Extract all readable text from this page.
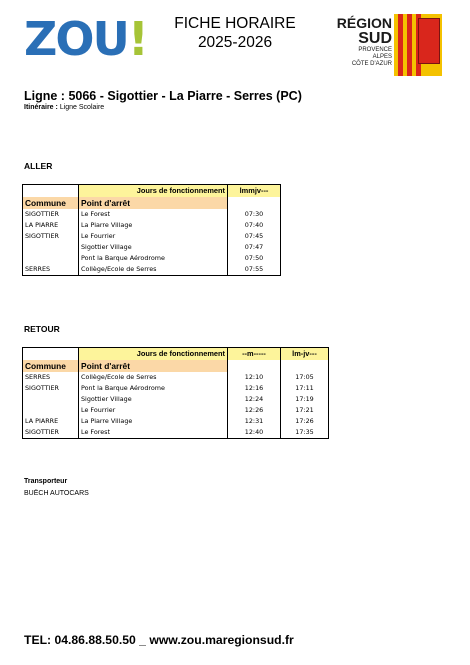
ZOU!	FICHE HORAIRE
2025-2026
RÉGION
SUD
PROVENCE
ALPES
CÔTE D'AZUR
Ligne : 5066 - Sigottier - La Piarre - Serres (PC)
Itinéraire : Ligne Scolaire
ALLER
	Jours de fonctionnement	lmmjv---
Commune	Point d'arrêt	
SIGOTTIER	Le Forest	07:30
LA PIARRE	La Piarre Village	07:40
SIGOTTIER	Le Fourrier	07:45
	Sigottier Village	07:47
	Pont la Barque Aérodrome	07:50
SERRES	Collège/Ecole de Serres	07:55
RETOUR
	Jours de fonctionnement	--m-----	lm-jv---
Commune	Point d'arrêt		
SERRES	Collège/Ecole de Serres	12:10	17:05
SIGOTTIER	Pont la Barque Aérodrome	12:16	17:11
	Sigottier Village	12:24	17:19
	Le Fourrier	12:26	17:21
LA PIARRE	La Piarre Village	12:31	17:26
SIGOTTIER	Le Forest	12:40	17:35
Transporteur
BUËCH AUTOCARS
TEL: 04.86.88.50.50 _ www.zou.maregionsud.fr
